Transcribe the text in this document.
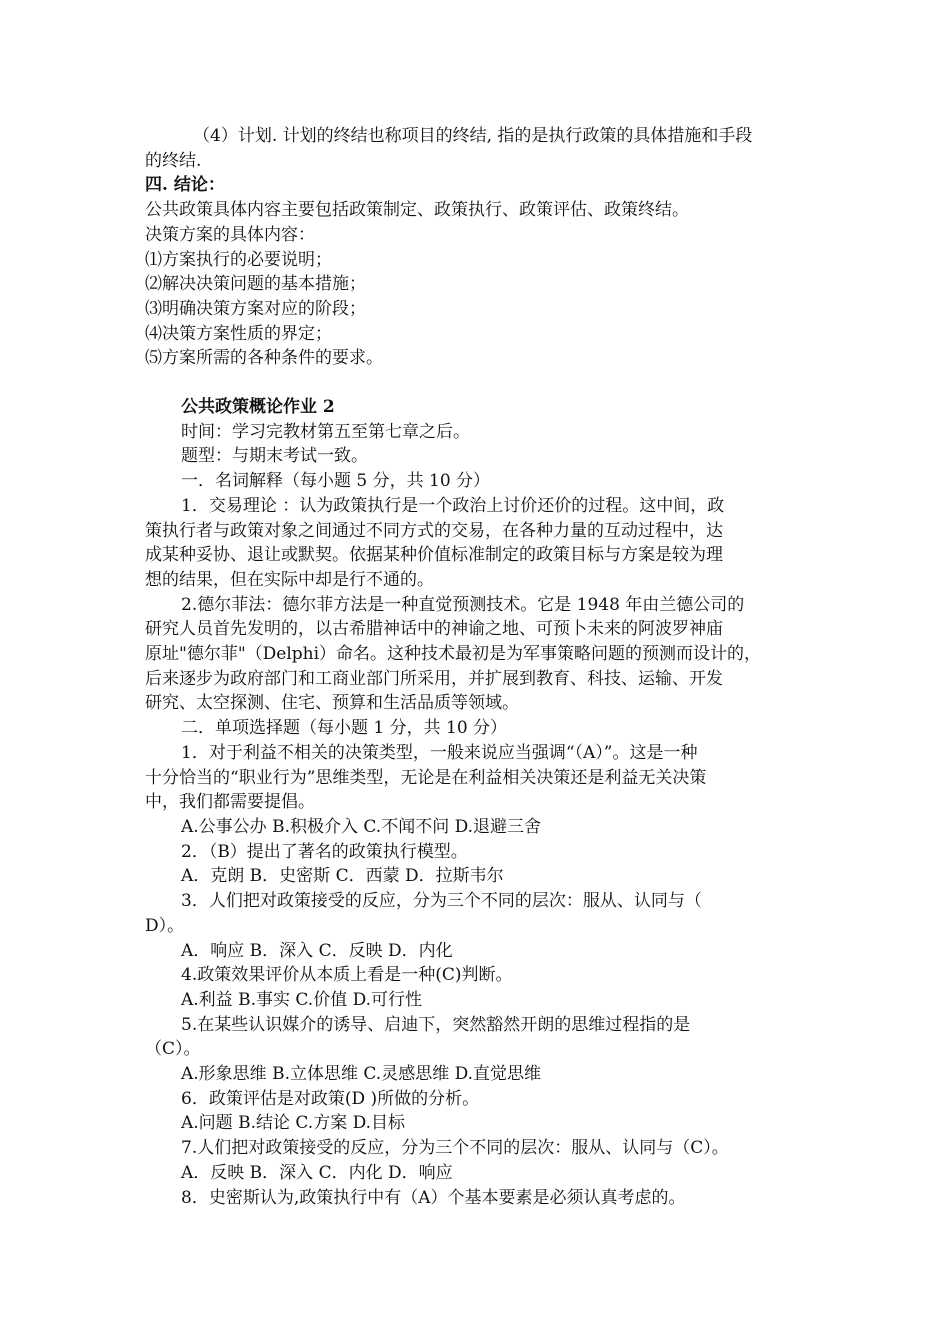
（4）计划. 计划的终结也称项目的终结, 指的是执行政策的具体措施和手段
的终结.
四. 结论：
公共政策具体内容主要包括政策制定、政策执行、政策评估、政策终结。
决策方案的具体内容：
⑴方案执行的必要说明；
⑵解决决策问题的基本措施；
⑶明确决策方案对应的阶段；
⑷决策方案性质的界定；
⑸方案所需的各种条件的要求。
公共政策概论作业 2
时间：学习完教材第五至第七章之后。
题型：与期末考试一致。
一．名词解释（每小题 5 分，共 10 分）
1．交易理论 ：认为政策执行是一个政治上讨价还价的过程。这中间，政
策执行者与政策对象之间通过不同方式的交易，在各种力量的互动过程中，达
成某种妥协、退让或默契。依据某种价值标准制定的政策目标与方案是较为理
想的结果，但在实际中却是行不通的。
2.德尔菲法：德尔菲方法是一种直觉预测技术。它是 1948 年由兰德公司的
研究人员首先发明的，以古希腊神话中的神谕之地、可预卜未来的阿波罗神庙
原址"德尔菲"（Delphi）命名。这种技术最初是为军事策略问题的预测而设计的，
后来逐步为政府部门和工商业部门所采用，并扩展到教育、科技、运输、开发
研究、太空探测、住宅、预算和生活品质等领域。
二．单项选择题（每小题 1 分，共 10 分）
1．对于利益不相关的决策类型，一般来说应当强调“（A）”。这是一种
十分恰当的“职业行为”思维类型，无论是在利益相关决策还是利益无关决策
中，我们都需要提倡。
A.公事公办 B.积极介入 C.不闻不问 D.退避三舍
2．（B）提出了著名的政策执行模型。
A．克朗 B．史密斯 C．西蒙 D．拉斯韦尔
3．人们把对政策接受的反应，分为三个不同的层次：服从、认同与（
D）。
A．响应 B．深入 C．反映 D．内化
4.政策效果评价从本质上看是一种(C)判断。
A.利益 B.事实 C.价值 D.可行性
5.在某些认识媒介的诱导、启迪下，突然豁然开朗的思维过程指的是
（C）。
A.形象思维 B.立体思维 C.灵感思维 D.直觉思维
6．政策评估是对政策(D )所做的分析。
A.问题 B.结论 C.方案 D.目标
7.人们把对政策接受的反应，分为三个不同的层次：服从、认同与（C）。
A．反映 B．深入 C．内化 D．响应
8．史密斯认为,政策执行中有（A）个基本要素是必须认真考虑的。
